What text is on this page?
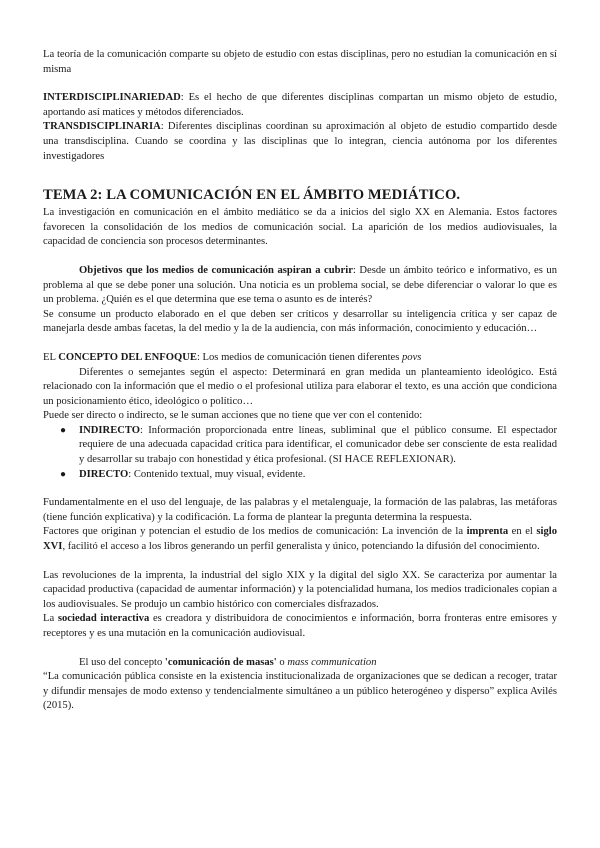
La teoría de la comunicación comparte su objeto de estudio con estas disciplinas, pero no estudian la comunicación en sí misma

INTERDISCIPLINARIEDAD: Es el hecho de que diferentes disciplinas compartan un mismo objeto de estudio, aportando así matices y métodos diferenciados.

TRANSDISCIPLINARIA: Diferentes disciplinas coordinan su aproximación al objeto de estudio compartido desde una transdisciplina. Cuando se coordina y las disciplinas que lo integran, ciencia autónoma por los diferentes investigadores

TEMA 2: LA COMUNICACIÓN EN EL ÁMBITO MEDIÁTICO.

La investigación en comunicación en el ámbito mediático se da a inicios del siglo XX en Alemania. Estos factores favorecen la consolidación de los medios de comunicación social. La aparición de los medios audiovisuales, la capacidad de conciencia son procesos determinantes.

Objetivos que los medios de comunicación aspiran a cubrir: Desde un ámbito teórico e informativo, es un problema al que se debe poner una solución. Una noticia es un problema social, se debe diferenciar o valorar lo que es un problema. ¿Quién es el que determina que ese tema o asunto es de interés?

Se consume un producto elaborado en el que deben ser críticos y desarrollar su inteligencia crítica y ser capaz de manejarla desde ambas facetas, la del medio y la de la audiencia, con más información, conocimiento y educación…

EL CONCEPTO DEL ENFOQUE: Los medios de comunicación tienen diferentes povs

Diferentes o semejantes según el aspecto: Determinará en gran medida un planteamiento ideológico. Está relacionado con la información que el medio o el profesional utiliza para elaborar el texto, es una acción que condiciona un posicionamiento ético, ideológico o político…

Puede ser directo o indirecto, se le suman acciones que no tiene que ver con el contenido:

● INDIRECTO: Información proporcionada entre líneas, subliminal que el público consume. El espectador requiere de una adecuada capacidad crítica para identificar, el comunicador debe ser consciente de esta realidad y desarrollar su trabajo con honestidad y ética profesional. (SI HACE REFLEXIONAR).
● DIRECTO: Contenido textual, muy visual, evidente.

Fundamentalmente en el uso del lenguaje, de las palabras y el metalenguaje, la formación de las palabras, las metáforas (tiene función explicativa) y la codificación. La forma de plantear la pregunta determina la respuesta.

Factores que originan y potencian el estudio de los medios de comunicación: La invención de la imprenta en el siglo XVI, facilitó el acceso a los libros generando un perfil generalista y único, potenciando la difusión del conocimiento.

Las revoluciones de la imprenta, la industrial del siglo XIX y la digital del siglo XX. Se caracteriza por aumentar la capacidad productiva (capacidad de aumentar información) y la potencialidad humana, los medios tradicionales copian a los audiovisuales. Se produjo un cambio histórico con comerciales disfrazados.

La sociedad interactiva es creadora y distribuidora de conocimientos e información, borra fronteras entre emisores y receptores y es una mutación en la comunicación audiovisual.

El uso del concepto 'comunicación de masas' o mass communication

“La comunicación pública consiste en la existencia institucionalizada de organizaciones que se dedican a recoger, tratar y difundir mensajes de modo extenso y tendencialmente simultáneo a un público heterogéneo y disperso” explica Avilés (2015).
